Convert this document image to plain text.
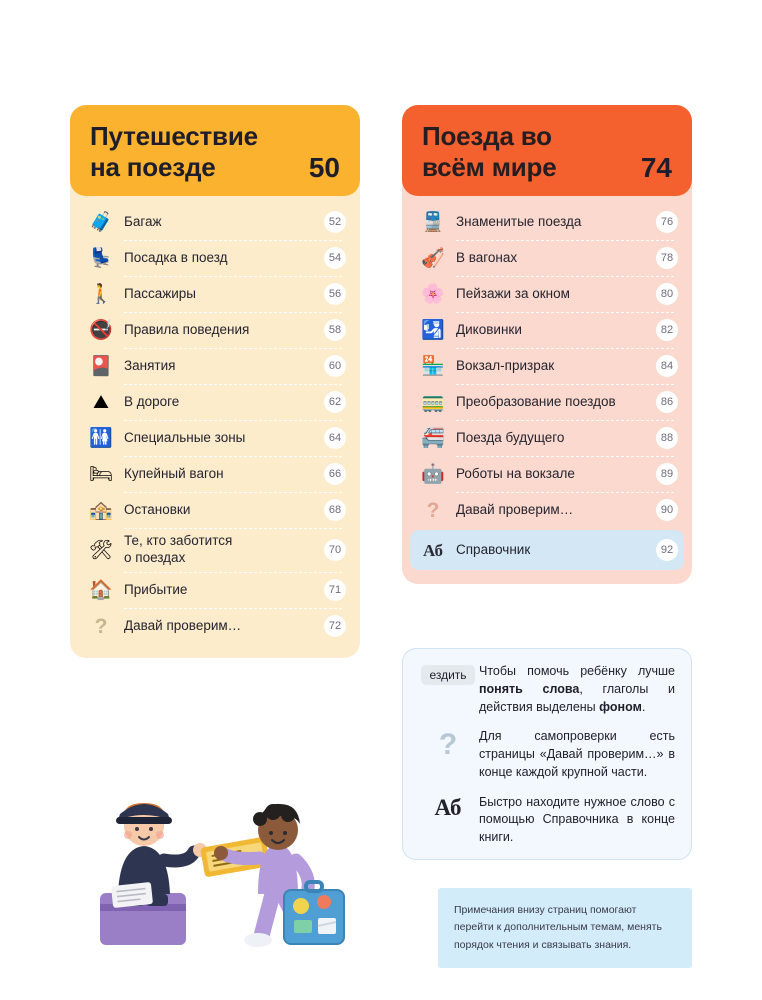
Путешествие
на поезде	50
🧳 Багаж	52
💺 Посадка в поезд	54
🚶 Пассажиры	56
🚭 Правила поведения	58
🎴 Занятия	60
⛰	В дороге	62
🚻 Специальные зоны	64
🛏 Купейный вагон	66
🏤 Остановки	68
🛠 Те, кто заботится
о поездах	70
🏠 Прибытие	71
?	Давай проверим…	72
Поезда во
всём мире	74
🚆 Знаменитые поезда	76
🎻 В вагонах	78
🌸 Пейзажи за окном	80
🛂 Диковинки	82
🏪 Вокзал-призрак	84
🚃 Преобразование поездов	86
🚝 Поезда будущего	88
🤖 Роботы на вокзале	89
?	Давай проверим…	90
Аб Справочник	92
ездить Чтобы помочь ребёнку лучше понять слова, глаголы и действия выделены фоном.
? Для самопроверки есть страницы «Давай проверим…» в конце каждой крупной части.
Аб Быстро находите нужное слово с помощью Справочника в конце книги.
Примечания внизу страниц помогают перейти к дополнительным темам, менять порядок чтения и связывать знания.
